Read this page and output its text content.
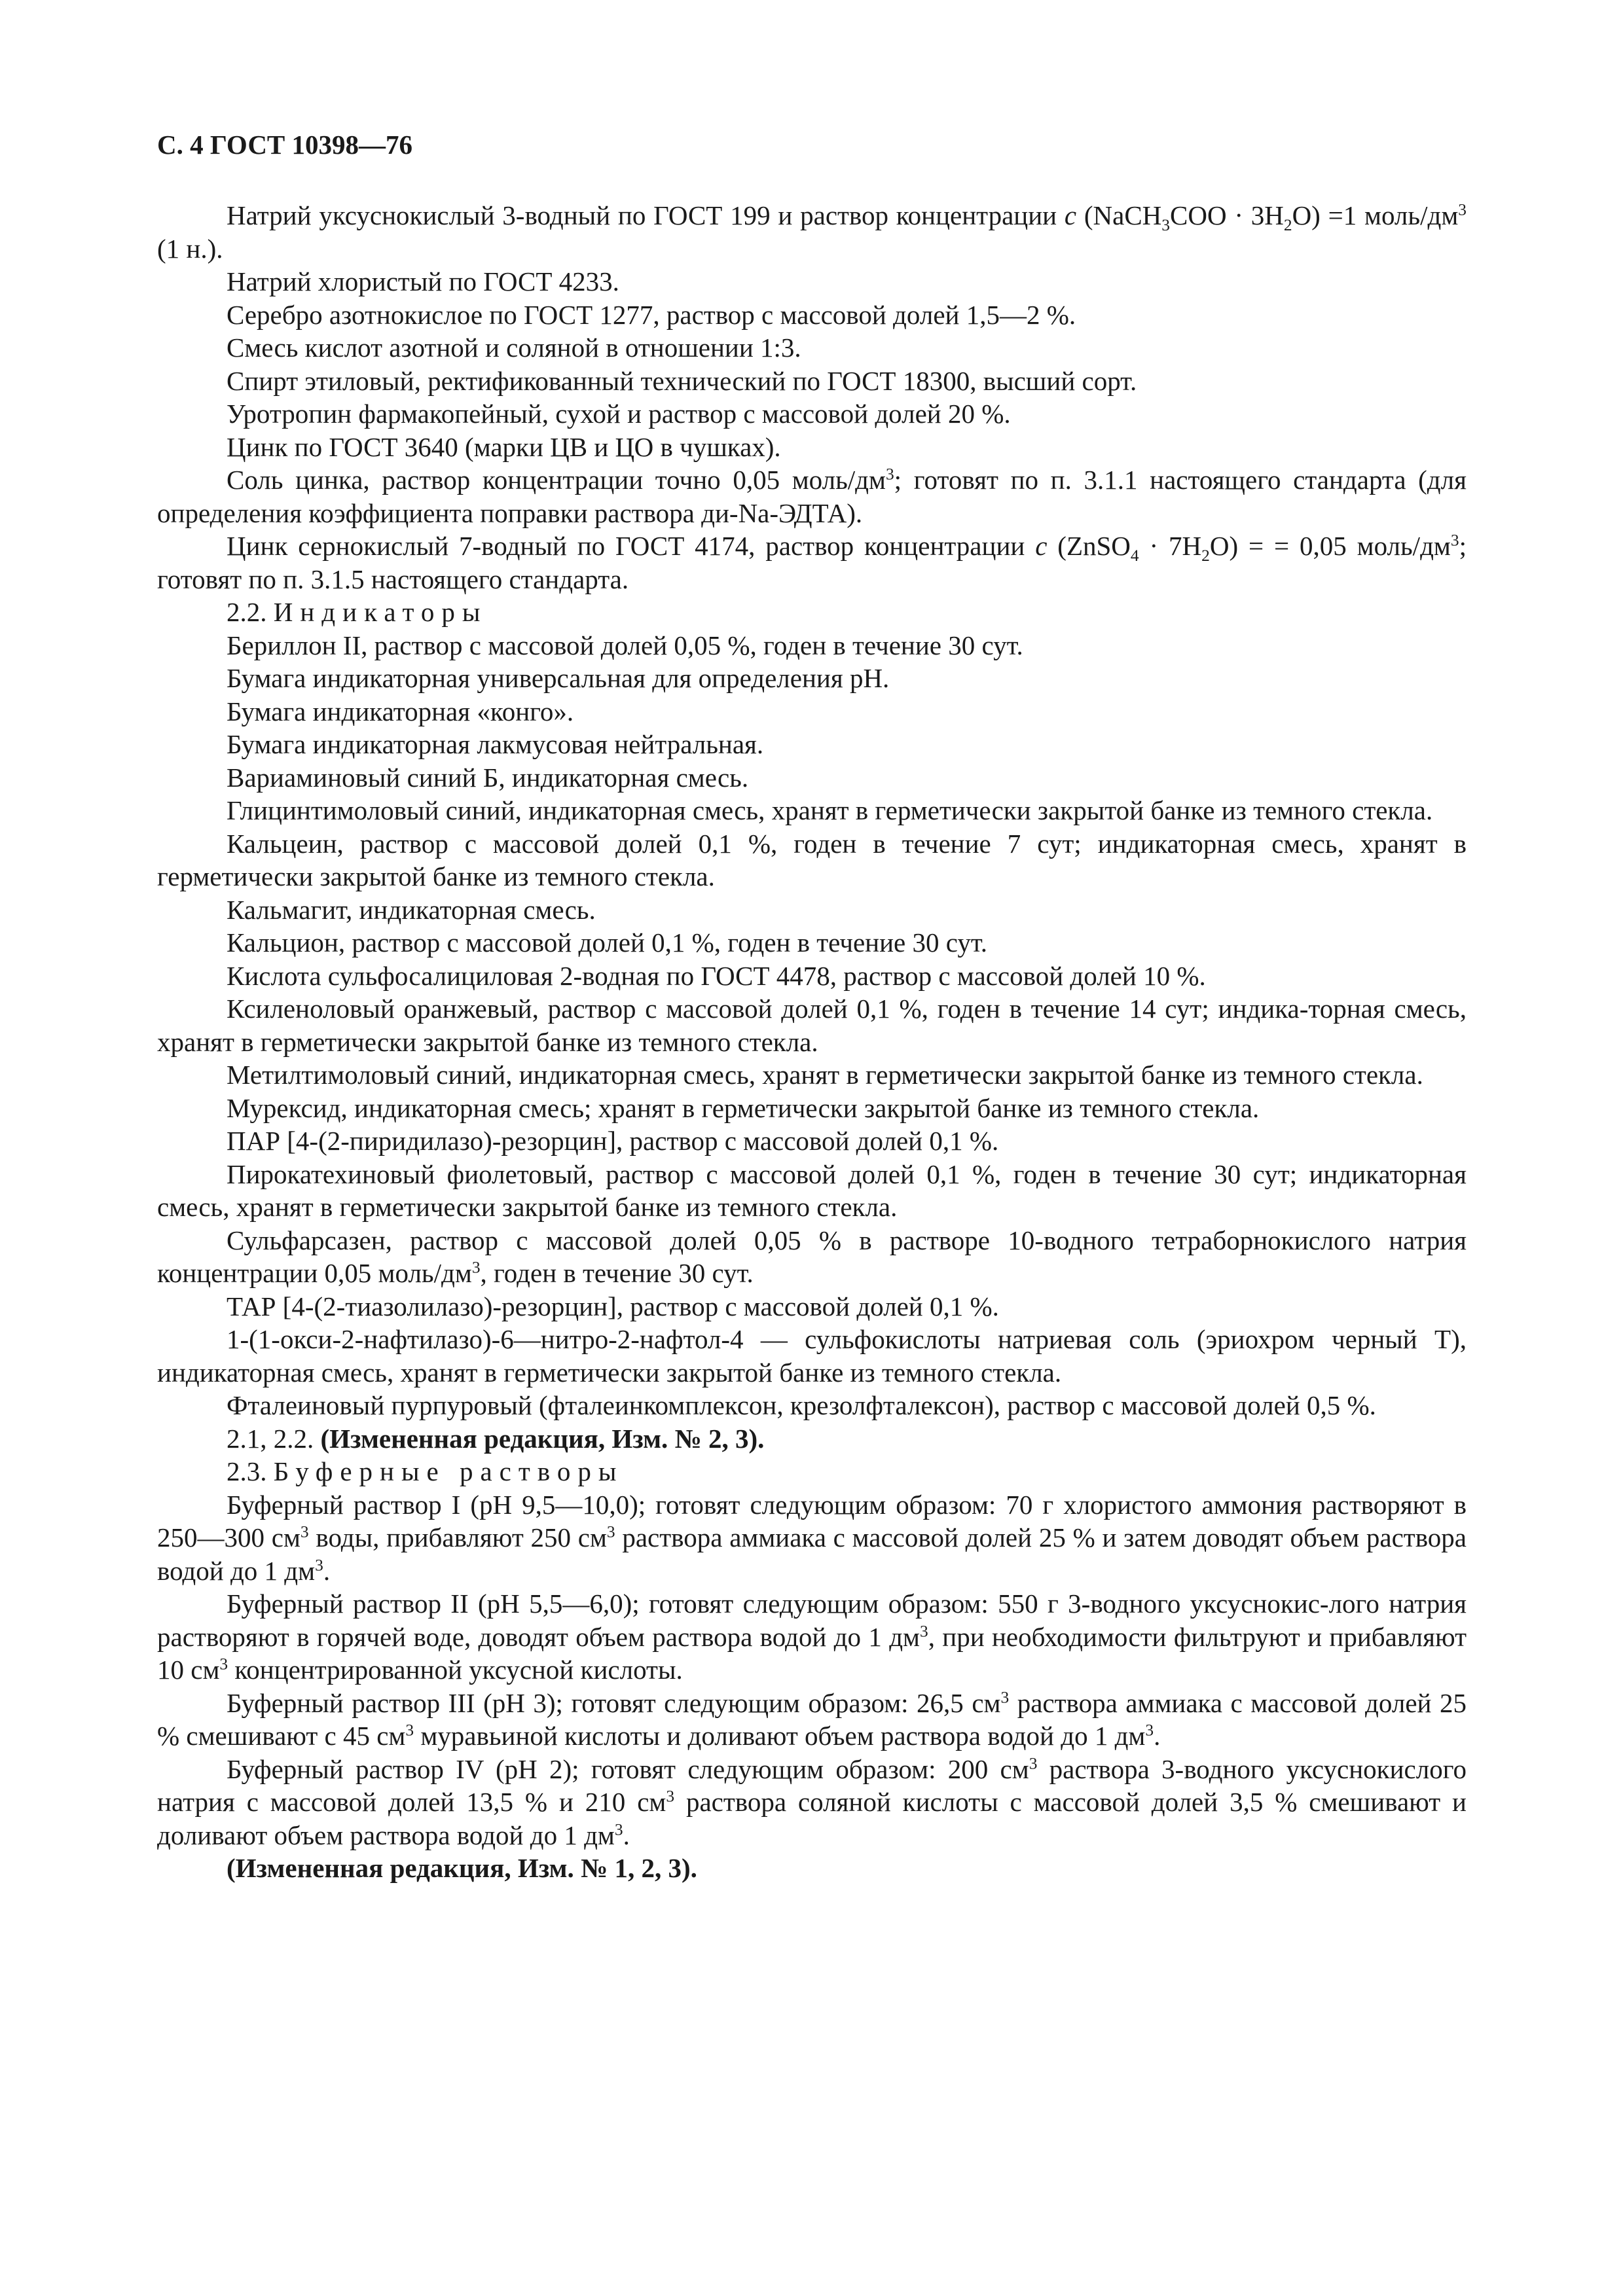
С. 4 ГОСТ 10398—76

Натрий уксуснокислый 3-водный по ГОСТ 199 и раствор концентрации с (NaCH$_3$COO · $3H_2O) =1$ моль/$дм^3$ (1 н.).

Натрий хлористый по ГОСТ 4233.

Серебро азотнокислое по ГОСТ 1277, раствор с массовой долей 1,5—2 %.

Смесь кислот азотной и соляной в отношении 1:3.

Спирт этиловый, ректификованный технический по ГОСТ 18300, высший сорт.

Уротропин фармакопейный, сухой и раствор с массовой долей 20 %.

Цинк по ГОСТ 3640 (марки ЦВ и ЦО в чушках).

Соль цинка, раствор концентрации точно 0,05 моль/$дм^3$; готовят по п. 3.1.1 настоящего стандарта (для определения коэффициента поправки раствора ди-Na-ЭДТА).

Цинк сернокислый 7-водный по ГОСТ 4174, раствор концентрации с (ZnSO$_4$ · $7H_2O$) = = 0,05 моль/$дм^3$; готовят по п. 3.1.5 настоящего стандарта.

2.2. Индикаторы

Бериллон II, раствор с массовой долей 0,05 %, годен в течение 30 сут.

Бумага индикаторная универсальная для определения рН.

Бумага индикаторная «конго».

Бумага индикаторная лакмусовая нейтральная.

Вариаминовый синий Б, индикаторная смесь.

Глицинтимоловый синий, индикаторная смесь, хранят в герметически закрытой банке из темного стекла.

Кальцеин, раствор с массовой долей 0,1 %, годен в течение 7 сут; индикаторная смесь, хранят в герметически закрытой банке из темного стекла.

Кальмагит, индикаторная смесь.

Кальцион, раствор с массовой долей 0,1 %, годен в течение 30 сут.

Кислота сульфосалициловая 2-водная по ГОСТ 4478, раствор с массовой долей 10 %.

Ксиленоловый оранжевый, раствор с массовой долей 0,1 %, годен в течение 14 сут; индика-торная смесь, хранят в герметически закрытой банке из темного стекла.

Метилтимоловый синий, индикаторная смесь, хранят в герметически закрытой банке из темного стекла.

Мурексид, индикаторная смесь; хранят в герметически закрытой банке из темного стекла.

ПАР [4-(2-пиридилазо)-резорцин], раствор с массовой долей 0,1 %.

Пирокатехиновый фиолетовый, раствор с массовой долей 0,1 %, годен в течение 30 сут; индикаторная смесь, хранят в герметически закрытой банке из темного стекла.

Сульфарсазен, раствор с массовой долей 0,05 % в растворе 10-водного тетраборнокислого натрия концентрации 0,05 моль/$дм^3$, годен в течение 30 сут.

ТАР [4-(2-тиазолилазо)-резорцин], раствор с массовой долей 0,1 %.

1-(1-окси-2-нафтилазо)-6—нитро-2-нафтол-4 — сульфокислоты натриевая соль (эриохром черный Т), индикаторная смесь, хранят в герметически закрытой банке из темного стекла.

Фталеиновый пурпуровый (фталеинкомплексон, крезолфталексон), раствор с массовой долей 0,5 %.

2.1, 2.2. (Измененная редакция, Изм. № 2, 3).

2.3. Буферные растворы

Буферный раствор I (рН 9,5—10,0); готовят следующим образом: 70 г хлористого аммония растворяют в 250—300 $см^3$ воды, прибавляют 250 $см^3$ раствора аммиака с массовой долей 25 % и затем доводят объем раствора водой до 1 $дм^3$.

Буферный раствор II (рН 5,5—6,0); готовят следующим образом: 550 г 3-водного уксуснокис-лого натрия растворяют в горячей воде, доводят объем раствора водой до 1 $дм^3$, при необходимости фильтруют и прибавляют 10 $см^3$ концентрированной уксусной кислоты.

Буферный раствор III (рН 3); готовят следующим образом: 26,5 $см^3$ раствора аммиака с массовой долей 25 % смешивают с 45 $см^3$ муравьиной кислоты и доливают объем раствора водой до 1 $дм^3$.

Буферный раствор IV (рН 2); готовят следующим образом: 200 $см^3$ раствора 3-водного уксуснокислого натрия с массовой долей 13,5 % и 210 $см^3$ раствора соляной кислоты с массовой долей 3,5 % смешивают и доливают объем раствора водой до 1 $дм^3$.

(Измененная редакция, Изм. № 1, 2, 3).
